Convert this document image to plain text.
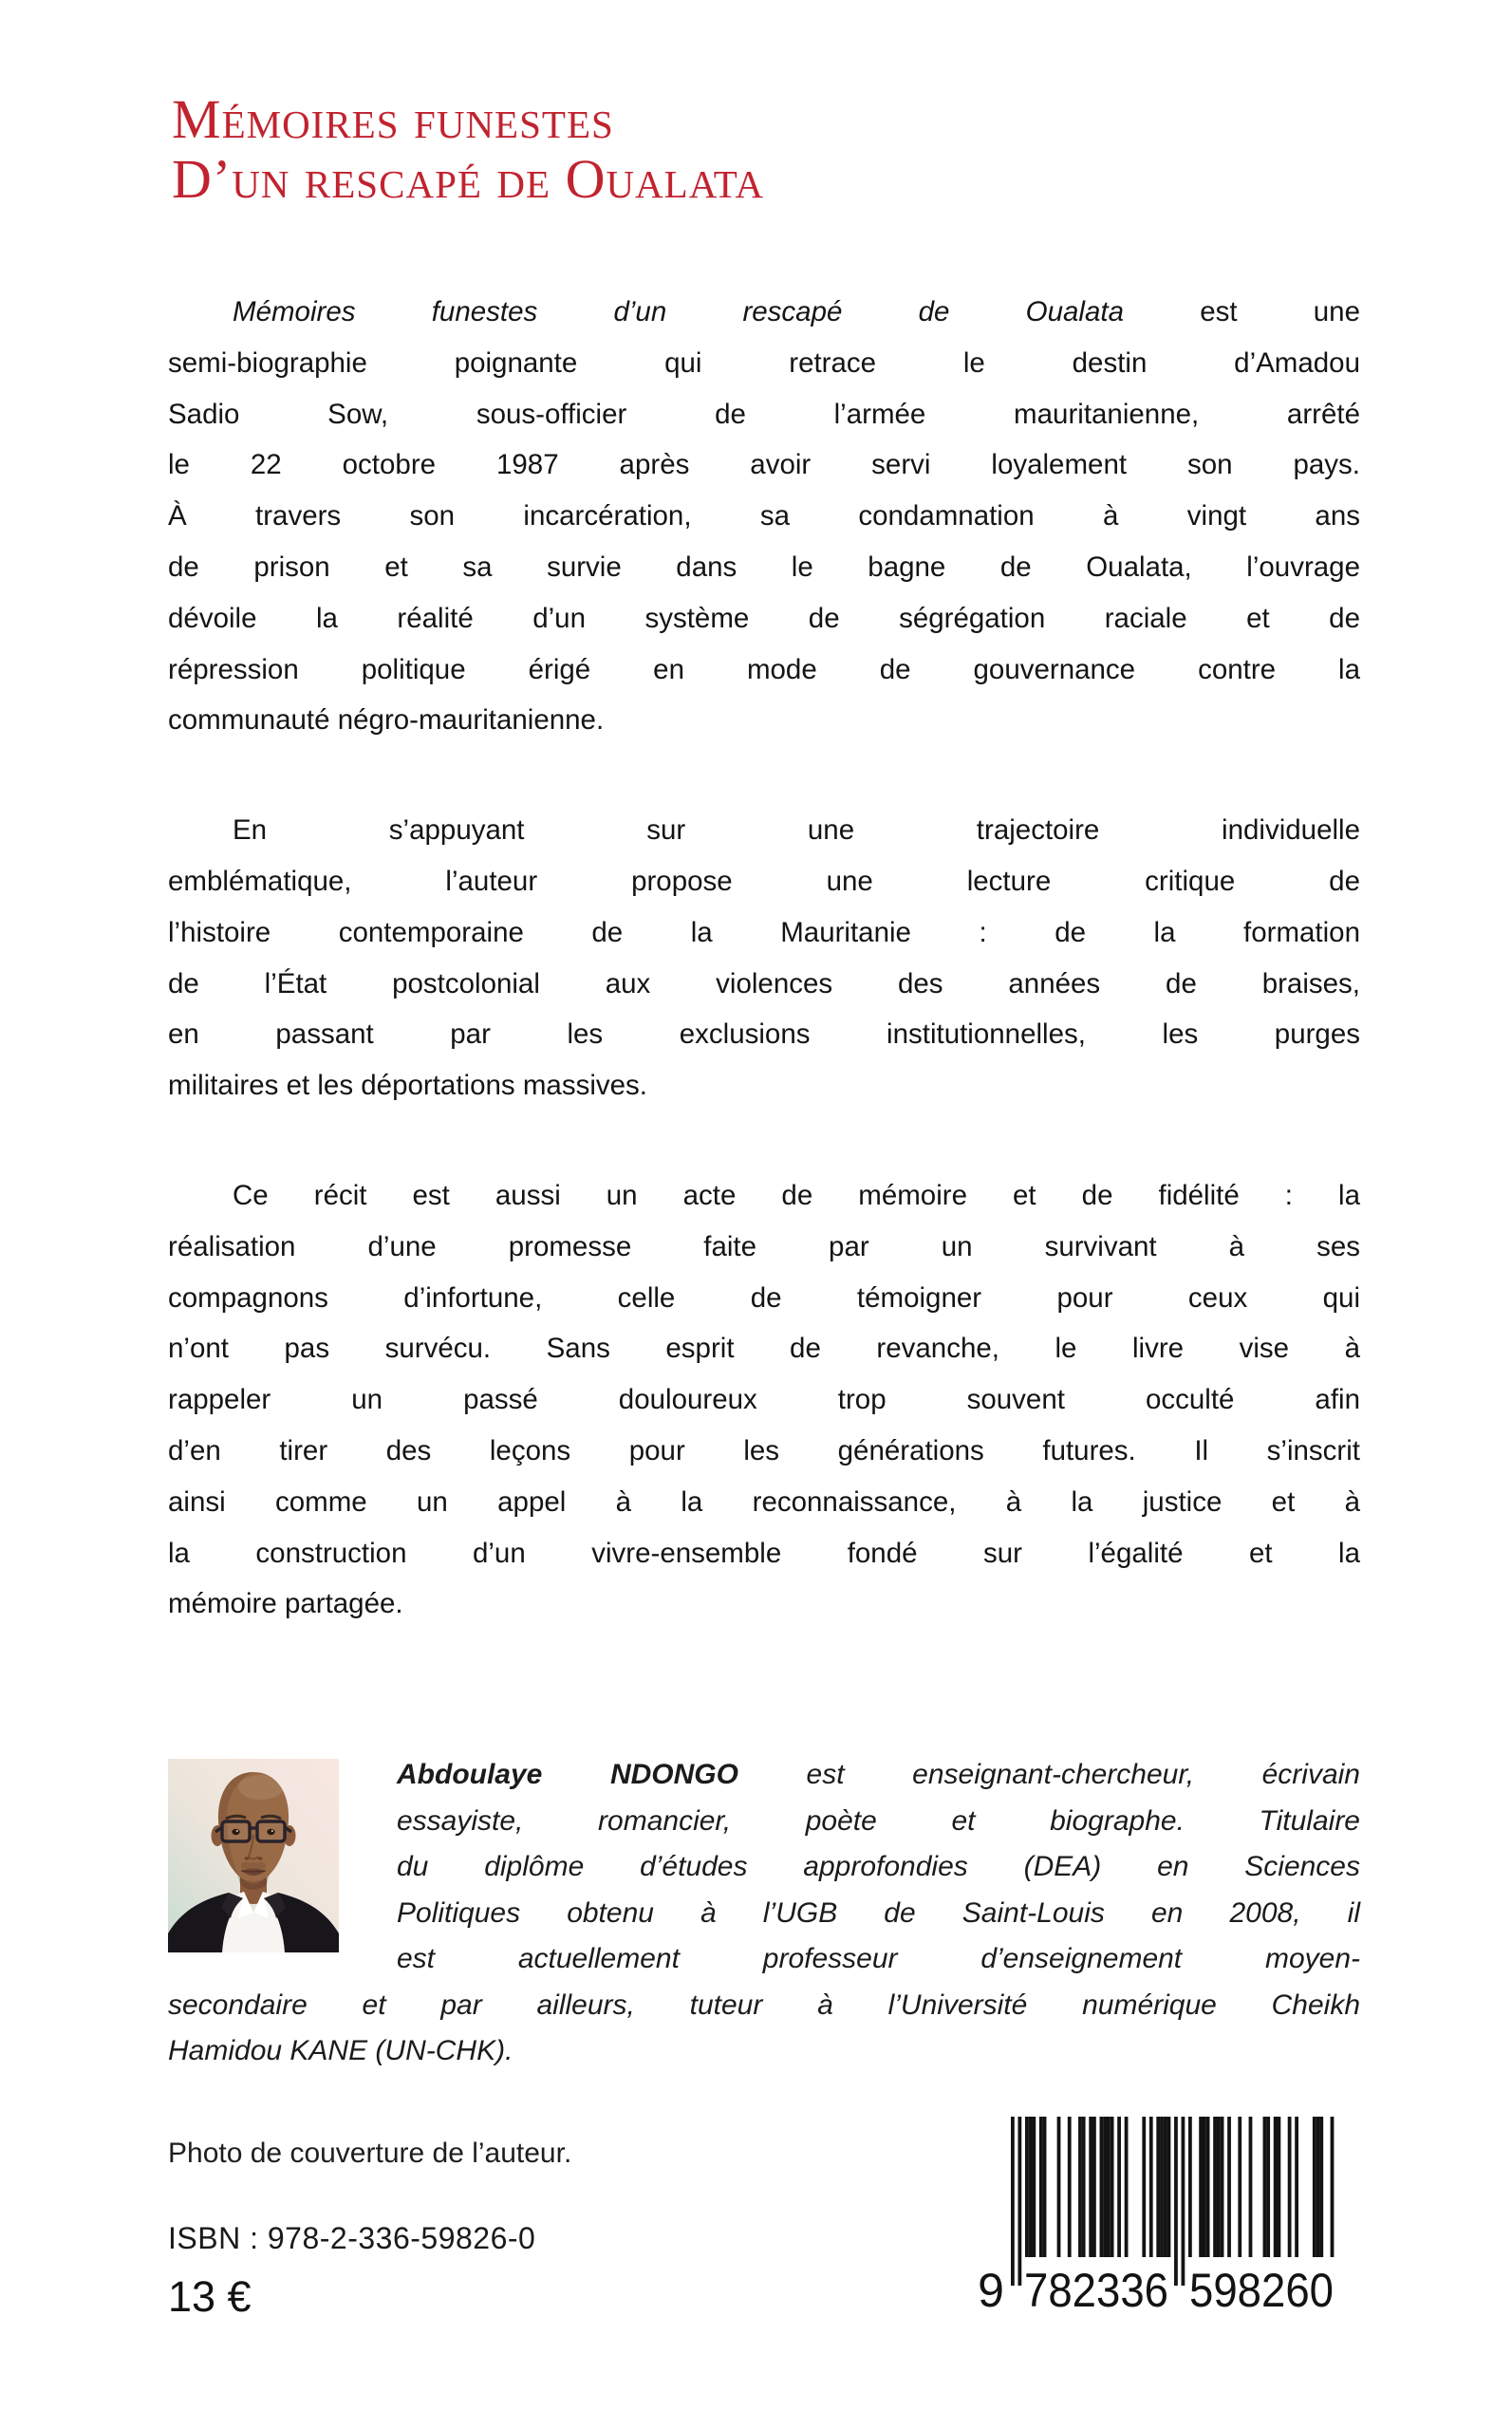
Mémoires funestes
D’un rescapé de Oualata
Mémoires funestes d’un rescapé de Oualata est une
semi-biographie poignante qui retrace le destin d’Amadou
Sadio Sow, sous-officier de l’armée mauritanienne, arrêté
le 22 octobre 1987 après avoir servi loyalement son pays.
À travers son incarcération, sa condamnation à vingt ans
de prison et sa survie dans le bagne de Oualata, l’ouvrage
dévoile la réalité d’un système de ségrégation raciale et de
répression politique érigé en mode de gouvernance contre la
communauté négro-mauritanienne.
En s’appuyant sur une trajectoire individuelle
emblématique, l’auteur propose une lecture critique de
l’histoire contemporaine de la Mauritanie : de la formation
de l’État postcolonial aux violences des années de braises,
en passant par les exclusions institutionnelles, les purges
militaires et les déportations massives.
Ce récit est aussi un acte de mémoire et de fidélité : la
réalisation d’une promesse faite par un survivant à ses
compagnons d’infortune, celle de témoigner pour ceux qui
n’ont pas survécu. Sans esprit de revanche, le livre vise à
rappeler un passé douloureux trop souvent occulté afin
d’en tirer des leçons pour les générations futures. Il s’inscrit
ainsi comme un appel à la reconnaissance, à la justice et à
la construction d’un vivre-ensemble fondé sur l’égalité et la
mémoire partagée.
Abdoulaye NDONGO est enseignant-chercheur, écrivain
essayiste, romancier, poète et biographe. Titulaire
du diplôme d’études approfondies (DEA) en Sciences
Politiques obtenu à l’UGB de Saint-Louis en 2008, il
est actuellement professeur d’enseignement moyen-
secondaire et par ailleurs, tuteur à l’Université numérique Cheikh
Hamidou KANE (UN-CHK).
Photo de couverture de l’auteur.
ISBN : 978-2-336-59826-0
13 €	9 782336 598260
